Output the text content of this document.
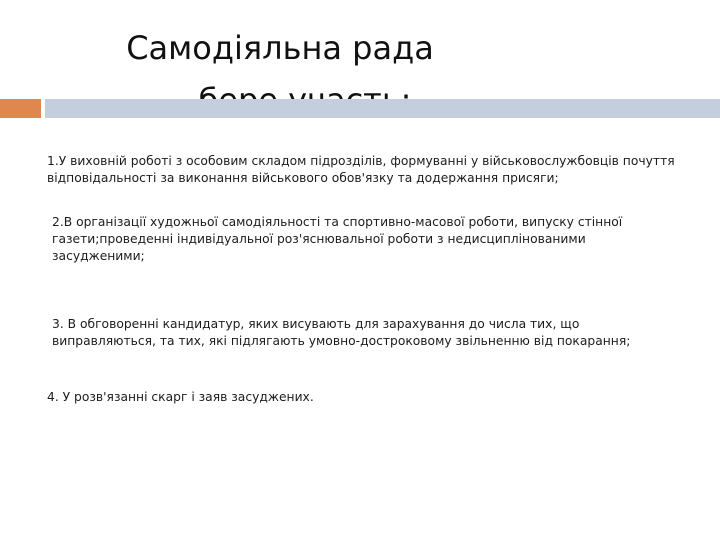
Самодіяльна рада

1.У виховній роботі з особовим складом підрозділів, формуванні у військовослужбовців почуття відповідальності за виконання військового обов'язку та додержання присяги;

2.В організації художньої самодіяльності та спортивно-масової роботи, випуску стінної газети;проведенні індивідуальної роз'яснювальної роботи з недисциплінованими засудженими;

3. В обговоренні кандидатур, яких висувають для зарахування до числа тих, що виправляються, та тих, які підлягають умовно-достроковому звільненню від покарання;

4. У розв'язанні скарг і заяв засуджених.
